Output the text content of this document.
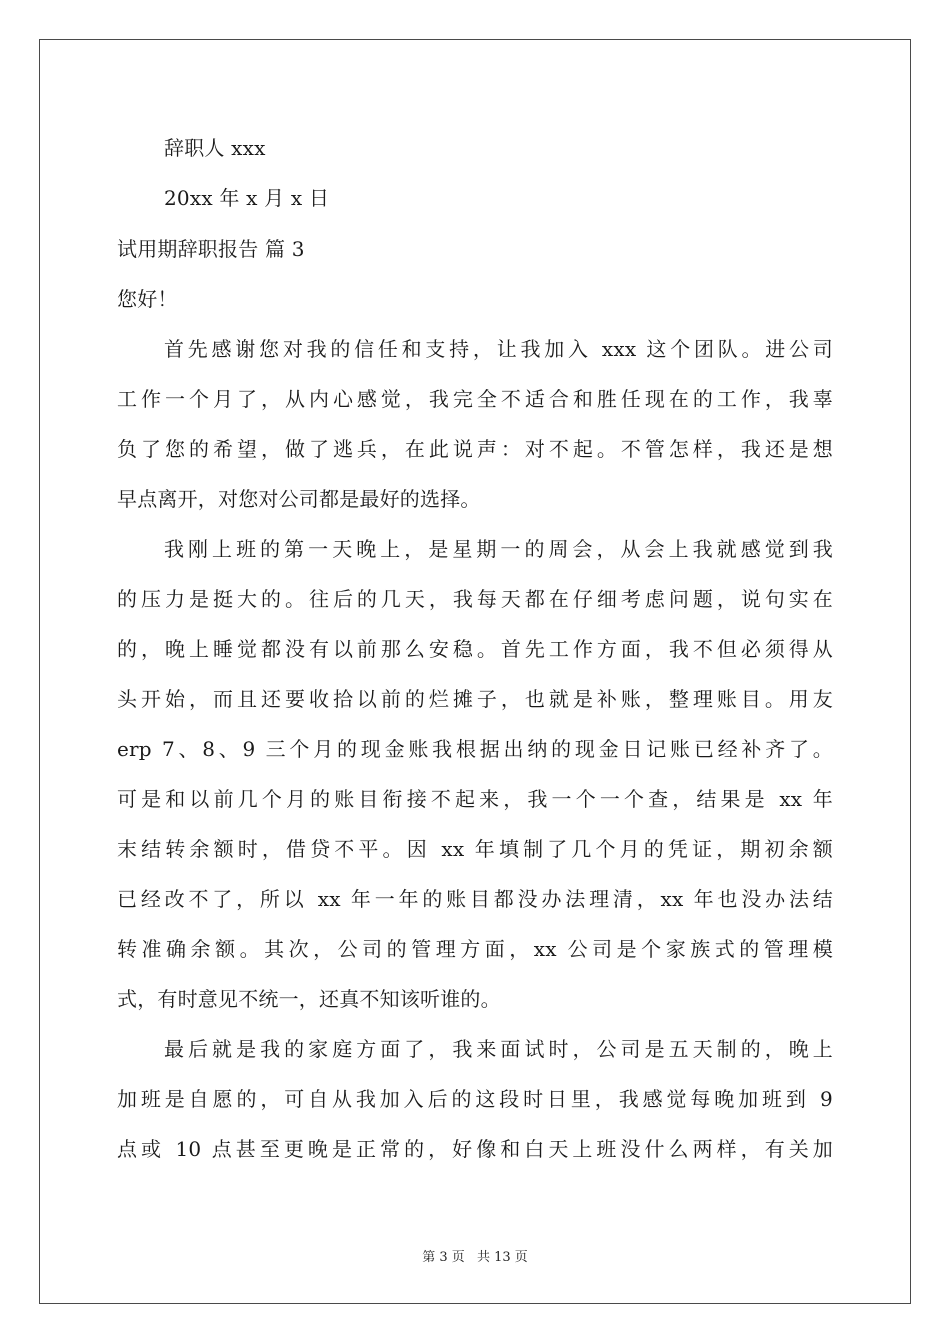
辞职人 xxx
20xx 年 x 月 x 日
试用期辞职报告 篇 3
您好！
首先感谢您对我的信任和支持，让我加入 xxx 这个团队。进公司
工作一个月了，从内心感觉，我完全不适合和胜任现在的工作，我辜
负了您的希望，做了逃兵，在此说声：对不起。不管怎样，我还是想
早点离开，对您对公司都是最好的选择。
我刚上班的第一天晚上，是星期一的周会，从会上我就感觉到我
的压力是挺大的。往后的几天，我每天都在仔细考虑问题，说句实在
的，晚上睡觉都没有以前那么安稳。首先工作方面，我不但必须得从
头开始，而且还要收拾以前的烂摊子，也就是补账，整理账目。用友
erp 7、8、9 三个月的现金账我根据出纳的现金日记账已经补齐了。
可是和以前几个月的账目衔接不起来，我一个一个查，结果是 xx 年
末结转余额时，借贷不平。因 xx 年填制了几个月的凭证，期初余额
已经改不了，所以 xx 年一年的账目都没办法理清，xx 年也没办法结
转准确余额。其次，公司的管理方面，xx 公司是个家族式的管理模
式，有时意见不统一，还真不知该听谁的。
最后就是我的家庭方面了，我来面试时，公司是五天制的，晚上
加班是自愿的，可自从我加入后的这段时日里，我感觉每晚加班到 9
点或 10 点甚至更晚是正常的，好像和白天上班没什么两样，有关加
第 3 页 共 13 页
